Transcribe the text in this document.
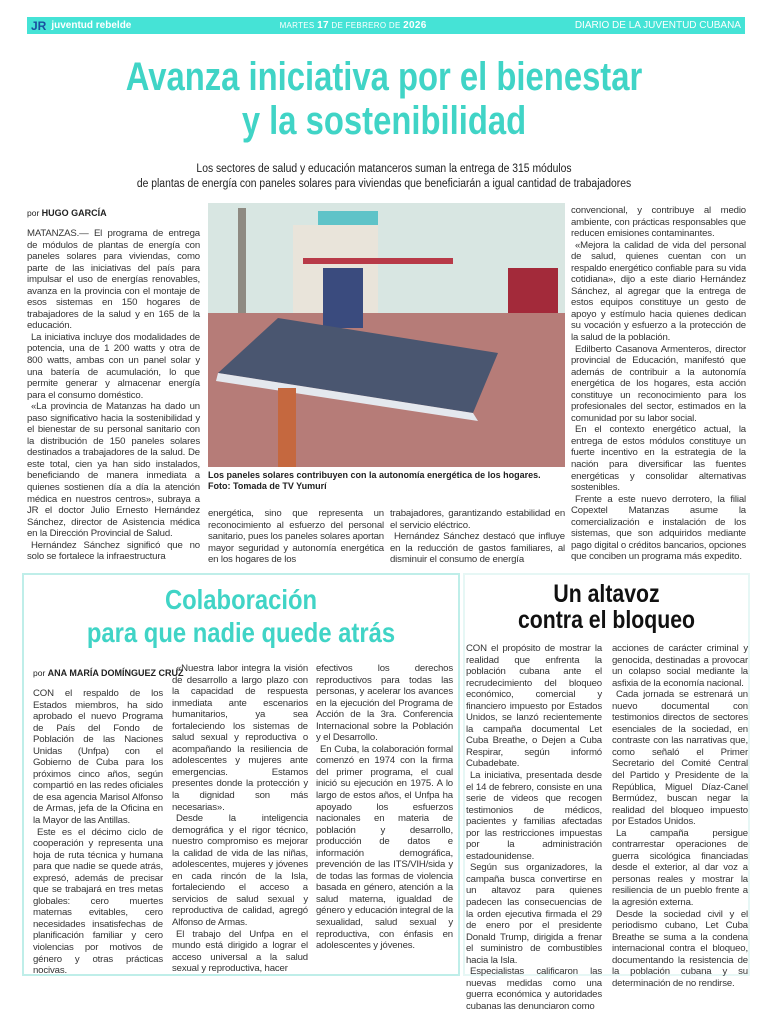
JR juventud rebelde	MARTES 17 DE FEBRERO DE 2026	DIARIO DE LA JUVENTUD CUBANA
Avanza iniciativa por el bienestar
y la sostenibilidad
Los sectores de salud y educación matanceros suman la entrega de 315 módulos
de plantas de energía con paneles solares para viviendas que beneficiarán a igual cantidad de trabajadores
por HUGO GARCÍA

MATANZAS.— El programa de entrega de módulos de plantas de energía con paneles solares para viviendas, como parte de las iniciativas del país para impulsar el uso de energías renovables, avanza en la provincia con el montaje de esos sistemas en 150 hogares de trabajadores de la salud y en 165 de la educación.

La iniciativa incluye dos modalidades de potencia, una de 1 200 watts y otra de 800 watts, ambas con un panel solar y una batería de acumulación, lo que permite generar y almacenar energía para el consumo doméstico.

«La provincia de Matanzas ha dado un paso significativo hacia la sostenibilidad y el bienestar de su personal sanitario con la distribución de 150 paneles solares destinados a trabajadores de la salud. De este total, cien ya han sido instalados, beneficiando de manera inmediata a quienes sostienen día a día la atención médica en nuestros centros», subraya a JR el doctor Julio Ernesto Hernández Sánchez, director de Asistencia médica en la Dirección Provincial de Salud.

Hernández Sánchez significó que no solo se fortalece la infraestructura

Los paneles solares contribuyen con la autonomía energética de los hogares. Foto: Tomada de TV Yumurí

energética, sino que representa un reconocimiento al esfuerzo del personal sanitario, pues los paneles solares aportan mayor seguridad y autonomía energética en los hogares de los

trabajadores, garantizando estabilidad en el servicio eléctrico.

Hernández Sánchez destacó que influye en la reducción de gastos familiares, al disminuir el consumo de energía

convencional, y contribuye al medio ambiente, con prácticas responsables que reducen emisiones contaminantes.

«Mejora la calidad de vida del personal de salud, quienes cuentan con un respaldo energético confiable para su vida cotidiana», dijo a este diario Hernández Sánchez, al agregar que la entrega de estos equipos constituye un gesto de apoyo y estímulo hacia quienes dedican su vocación y esfuerzo a la protección de la salud de la población.

Edilberto Casanova Armenteros, director provincial de Educación, manifestó que además de contribuir a la autonomía energética de los hogares, esta acción constituye un reconocimiento para los profesionales del sector, estimados en la comunidad por su labor social.

En el contexto energético actual, la entrega de estos módulos constituye un fuerte incentivo en la estrategia de la nación para diversificar las fuentes energéticas y consolidar alternativas sostenibles.

Frente a este nuevo derrotero, la filial Copextel Matanzas asume la comercialización e instalación de los sistemas, que son adquiridos mediante pago digital o créditos bancarios, opciones que conciben un programa más expedito.

Colaboración
para que nadie quede atrás
por ANA MARÍA DOMÍNGUEZ CRUZ

CON el respaldo de los Estados miembros, ha sido aprobado el nuevo Programa de País del Fondo de Población de las Naciones Unidas (Unfpa) con el Gobierno de Cuba para los próximos cinco años, según compartió en las redes oficiales de esa agencia Marisol Alfonso de Armas, jefa de la Oficina en la Mayor de las Antillas.

Este es el décimo ciclo de cooperación y representa una hoja de ruta técnica y humana para que nadie se quede atrás, expresó, además de precisar que se trabajará en tres metas globales: cero muertes maternas evitables, cero necesidades insatisfechas de planificación familiar y cero violencias por motivos de género y otras prácticas nocivas.

«Nuestra labor integra la visión de desarrollo a largo plazo con la capacidad de respuesta inmediata ante escenarios humanitarios, ya sea fortaleciendo los sistemas de salud sexual y reproductiva o acompañando la resiliencia de adolescentes y mujeres ante emergencias. Estamos presentes donde la protección y la dignidad son más necesarias».

Desde la inteligencia demográfica y el rigor técnico, nuestro compromiso es mejorar la calidad de vida de las niñas, adolescentes, mujeres y jóvenes en cada rincón de la Isla, fortaleciendo el acceso a servicios de salud sexual y reproductiva de calidad, agregó Alfonso de Armas.

El trabajo del Unfpa en el mundo está dirigido a lograr el acceso universal a la salud sexual y reproductiva, hacer

efectivos los derechos reproductivos para todas las personas, y acelerar los avances en la ejecución del Programa de Acción de la 3ra. Conferencia Internacional sobre la Población y el Desarrollo.

En Cuba, la colaboración formal comenzó en 1974 con la firma del primer programa, el cual inició su ejecución en 1975. A lo largo de estos años, el Unfpa ha apoyado los esfuerzos nacionales en materia de población y desarrollo, producción de datos e información demográfica, prevención de las ITS/VIH/sida y de todas las formas de violencia basada en género, atención a la salud materna, igualdad de género y educación integral de la sexualidad, salud sexual y reproductiva, con énfasis en adolescentes y jóvenes.

Un altavoz
contra el bloqueo

CON el propósito de mostrar la realidad que enfrenta la población cubana ante el recrudecimiento del bloqueo económico, comercial y financiero impuesto por Estados Unidos, se lanzó recientemente la campaña documental Let Cuba Breathe, o Dejen a Cuba Respirar, según informó Cubadebate.

La iniciativa, presentada desde el 14 de febrero, consiste en una serie de videos que recogen testimonios de médicos, pacientes y familias afectadas por las restricciones impuestas por la administración estadounidense.

Según sus organizadores, la campaña busca convertirse en un altavoz para quienes padecen las consecuencias de la orden ejecutiva firmada el 29 de enero por el presidente Donald Trump, dirigida a frenar el suministro de combustibles hacia la Isla.

Especialistas calificaron las nuevas medidas como una guerra económica y autoridades cubanas las denunciaron como

acciones de carácter criminal y genocida, destinadas a provocar un colapso social mediante la asfixia de la economía nacional.

Cada jornada se estrenará un nuevo documental con testimonios directos de sectores esenciales de la sociedad, en contraste con las narrativas que, como señaló el Primer Secretario del Comité Central del Partido y Presidente de la República, Miguel Díaz-Canel Bermúdez, buscan negar la realidad del bloqueo impuesto por Estados Unidos.

La campaña persigue contrarrestar operaciones de guerra sicológica financiadas desde el exterior, al dar voz a personas reales y mostrar la resiliencia de un pueblo frente a la agresión externa.

Desde la sociedad civil y el periodismo cubano, Let Cuba Breathe se suma a la condena internacional contra el bloqueo, documentando la resistencia de la población cubana y su determinación de no rendirse.
